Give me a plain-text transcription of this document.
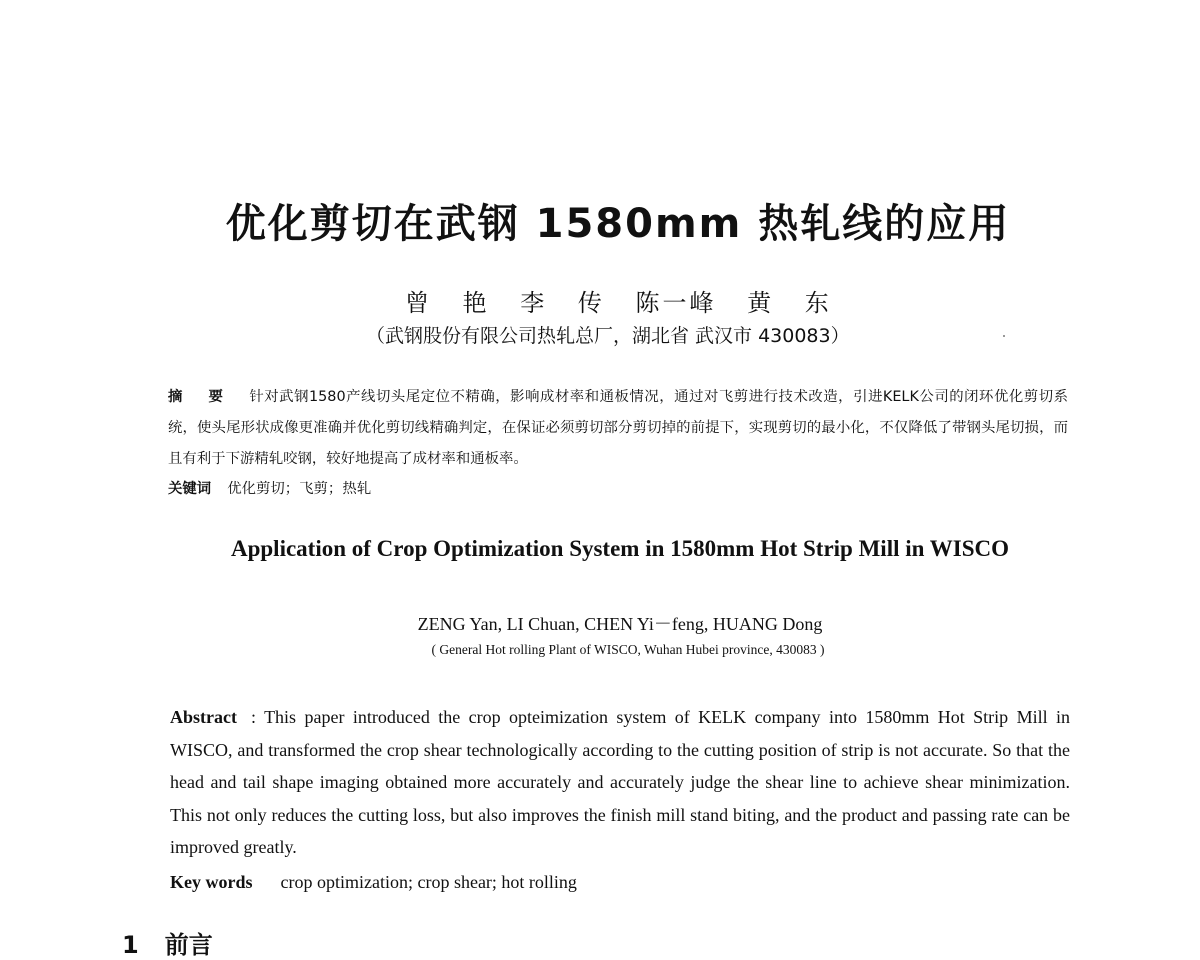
优化剪切在武钢 1580mm 热轧线的应用
曾 艳 李 传 陈一峰 黄 东
（武钢股份有限公司热轧总厂，湖北省 武汉市 430083）
摘 要 针对武钢1580产线切头尾定位不精确，影响成材率和通板情况，通过对飞剪进行技术改造，引进KELK公司的闭环优化剪切系统，使头尾形状成像更准确并优化剪切线精确判定，在保证必须剪切部分剪切掉的前提下，实现剪切的最小化，不仅降低了带钢头尾切损，而且有利于下游精轧咬钢，较好地提高了成材率和通板率。
关键词 优化剪切；飞剪；热轧
Application of Crop Optimization System in 1580mm Hot Strip Mill in WISCO
ZENG Yan, LI Chuan, CHEN Yi－feng, HUANG Dong
( General Hot rolling Plant of WISCO, Wuhan Hubei province, 430083 )
Abstract : This paper introduced the crop opteimization system of KELK company into 1580mm Hot Strip Mill in WISCO, and transformed the crop shear technologically according to the cutting position of strip is not accurate. So that the head and tail shape imaging obtained more accurately and accurately judge the shear line to achieve shear minimization. This not only reduces the cutting loss, but also improves the finish mill stand biting, and the product and passing rate can be improved greatly.
Key words crop optimization; crop shear; hot rolling
1 前言
